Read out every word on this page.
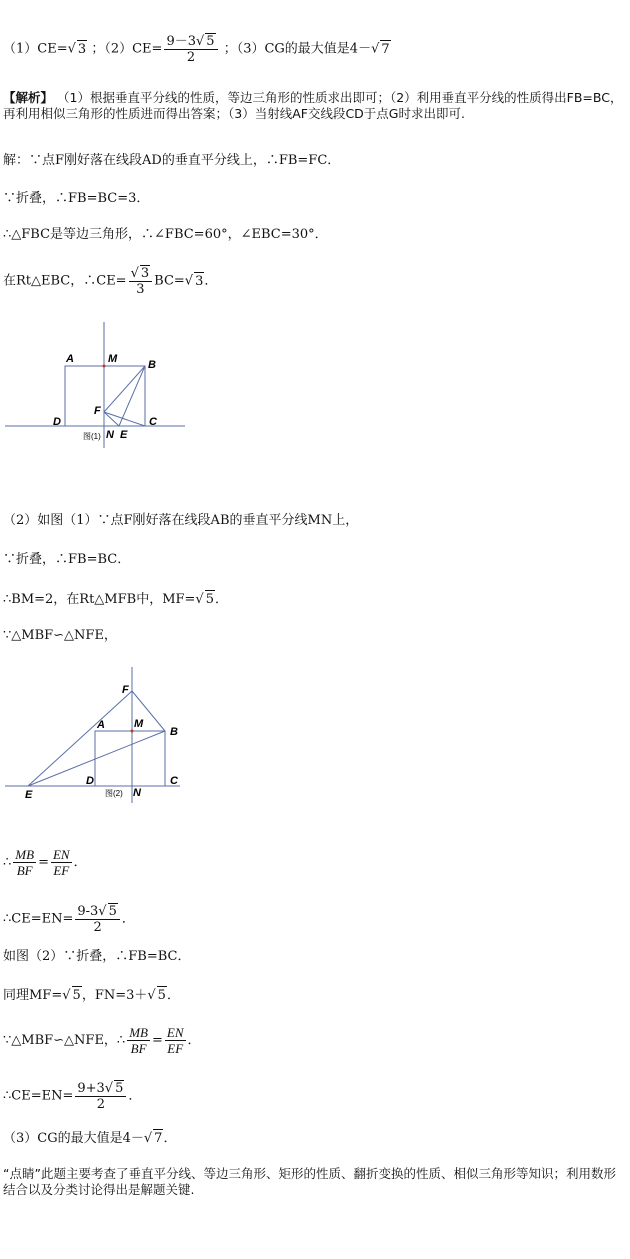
（1）CE=√ 3 ；$(2)CE= \frac{9-3√ 5}{2}$ ；（3）CG的最大值是4－√ 7
【解析】 （1）根据垂直平分线的性质，等边三角形的性质求出即可；（2）利用垂直平分线的性质得出FB=BC，再利用相似三角形的性质进而得出答案；（3）当射线AF交线段CD于点G时求出即可.
解：∵点F刚好落在线段AD的垂直平分线上，∴FB=FC．
∵折叠，∴FB=BC=3．
∴△FBC是等边三角形，∴∠FBC=60°，∠EBC=30°．
在Rt△EBC，∴CE= $\frac{√ 3}{3} BC=√$ 3．
A	M	B
F
D
N E
C
图(1)
（2）如图（1）∵点F刚好落在线段AB的垂直平分线MN上，
∵折叠，∴FB=BC．
∴BM=2，在Rt△MFB中，MF=√ 5．
∵△MBF∽△NFE，
F
A	M
B
D	C
E	N
图(2)
∴ $\frac{MB}{BF} = \frac{EN}{EF}$ ．
∴CE=EN= $\frac{9-3√ 5}{2}$ ．
如图（2）∵折叠，∴FB=BC．
同理MF=√ 5，FN=3＋√ 5．
∵△MBF∽△NFE，∴ $\frac{MB}{BF} = \frac{EN}{EF}$ ．
∴CE=EN= $\frac{9+3√ 5}{2}$ ．
（3）CG的最大值是4－√ 7．
“点睛”此题主要考查了垂直平分线、等边三角形、矩形的性质、翻折变换的性质、相似三角形等知识；利用数形结合以及分类讨论得出是解题关键.
